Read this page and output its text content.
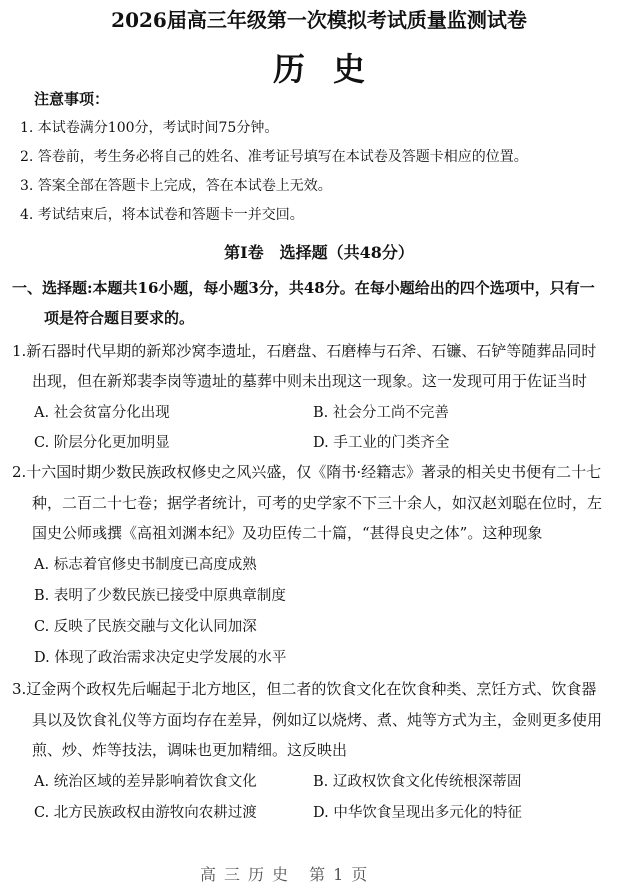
2026届高三年级第一次模拟考试质量监测试卷
历史
注意事项：
1. 本试卷满分100分，考试时间75分钟。
2. 答卷前，考生务必将自己的姓名、准考证号填写在本试卷及答题卡相应的位置。
3. 答案全部在答题卡上完成，答在本试卷上无效。
4. 考试结束后，将本试卷和答题卡一并交回。
第Ⅰ卷　选择题（共48分）
一、选择题:本题共16小题，每小题3分，共48分。在每小题给出的四个选项中，只有一
项是符合题目要求的。
1.新石器时代早期的新郑沙窝李遗址，石磨盘、石磨棒与石斧、石镰、石铲等随葬品同时
出现，但在新郑裴李岗等遗址的墓葬中则未出现这一现象。这一发现可用于佐证当时
A. 社会贫富分化出现	B. 社会分工尚不完善
C. 阶层分化更加明显	D. 手工业的门类齐全
2.十六国时期少数民族政权修史之风兴盛，仅《隋书·经籍志》著录的相关史书便有二十七
种，二百二十七卷；据学者统计，可考的史学家不下三十余人，如汉赵刘聪在位时，左
国史公师彧撰《高祖刘渊本纪》及功臣传二十篇，“甚得良史之体”。这种现象
A. 标志着官修史书制度已高度成熟
B. 表明了少数民族已接受中原典章制度
C. 反映了民族交融与文化认同加深
D. 体现了政治需求决定史学发展的水平
3.辽金两个政权先后崛起于北方地区，但二者的饮食文化在饮食种类、烹饪方式、饮食器
具以及饮食礼仪等方面均存在差异，例如辽以烧烤、煮、炖等方式为主，金则更多使用
煎、炒、炸等技法，调味也更加精细。这反映出
A. 统治区域的差异影响着饮食文化	B. 辽政权饮食文化传统根深蒂固
C. 北方民族政权由游牧向农耕过渡	D. 中华饮食呈现出多元化的特征
高三历史 第1页
